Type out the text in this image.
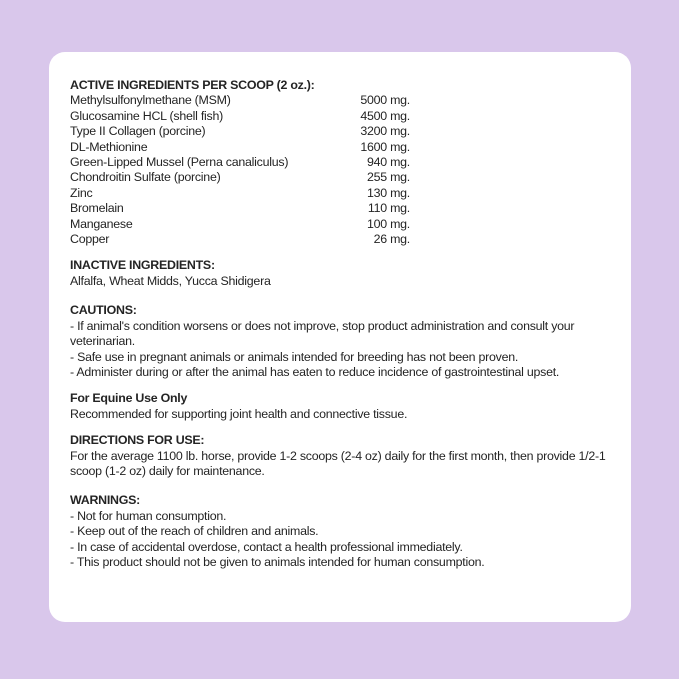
ACTIVE INGREDIENTS PER SCOOP (2 oz.):
Methylsulfonylmethane (MSM)	5000 mg.
Glucosamine HCL (shell fish)	4500 mg.
Type II Collagen (porcine)	3200 mg.
DL-Methionine	1600 mg.
Green-Lipped Mussel (Perna canaliculus)	940 mg.
Chondroitin Sulfate (porcine)	255 mg.
Zinc	130 mg.
Bromelain	110 mg.
Manganese	100 mg.
Copper	26 mg.
INACTIVE INGREDIENTS:
Alfalfa, Wheat Midds, Yucca Shidigera
CAUTIONS:
- If animal's condition worsens or does not improve, stop product administration and consult your veterinarian.
- Safe use in pregnant animals or animals intended for breeding has not been proven.
- Administer during or after the animal has eaten to reduce incidence of gastrointestinal upset.
For Equine Use Only
Recommended for supporting joint health and connective tissue.
DIRECTIONS FOR USE:
For the average 1100 lb. horse, provide 1-2 scoops (2-4 oz) daily for the first month, then provide 1/2-1 scoop (1-2 oz) daily for maintenance.
WARNINGS:
- Not for human consumption.
- Keep out of the reach of children and animals.
- In case of accidental overdose, contact a health professional immediately.
- This product should not be given to animals intended for human consumption.
